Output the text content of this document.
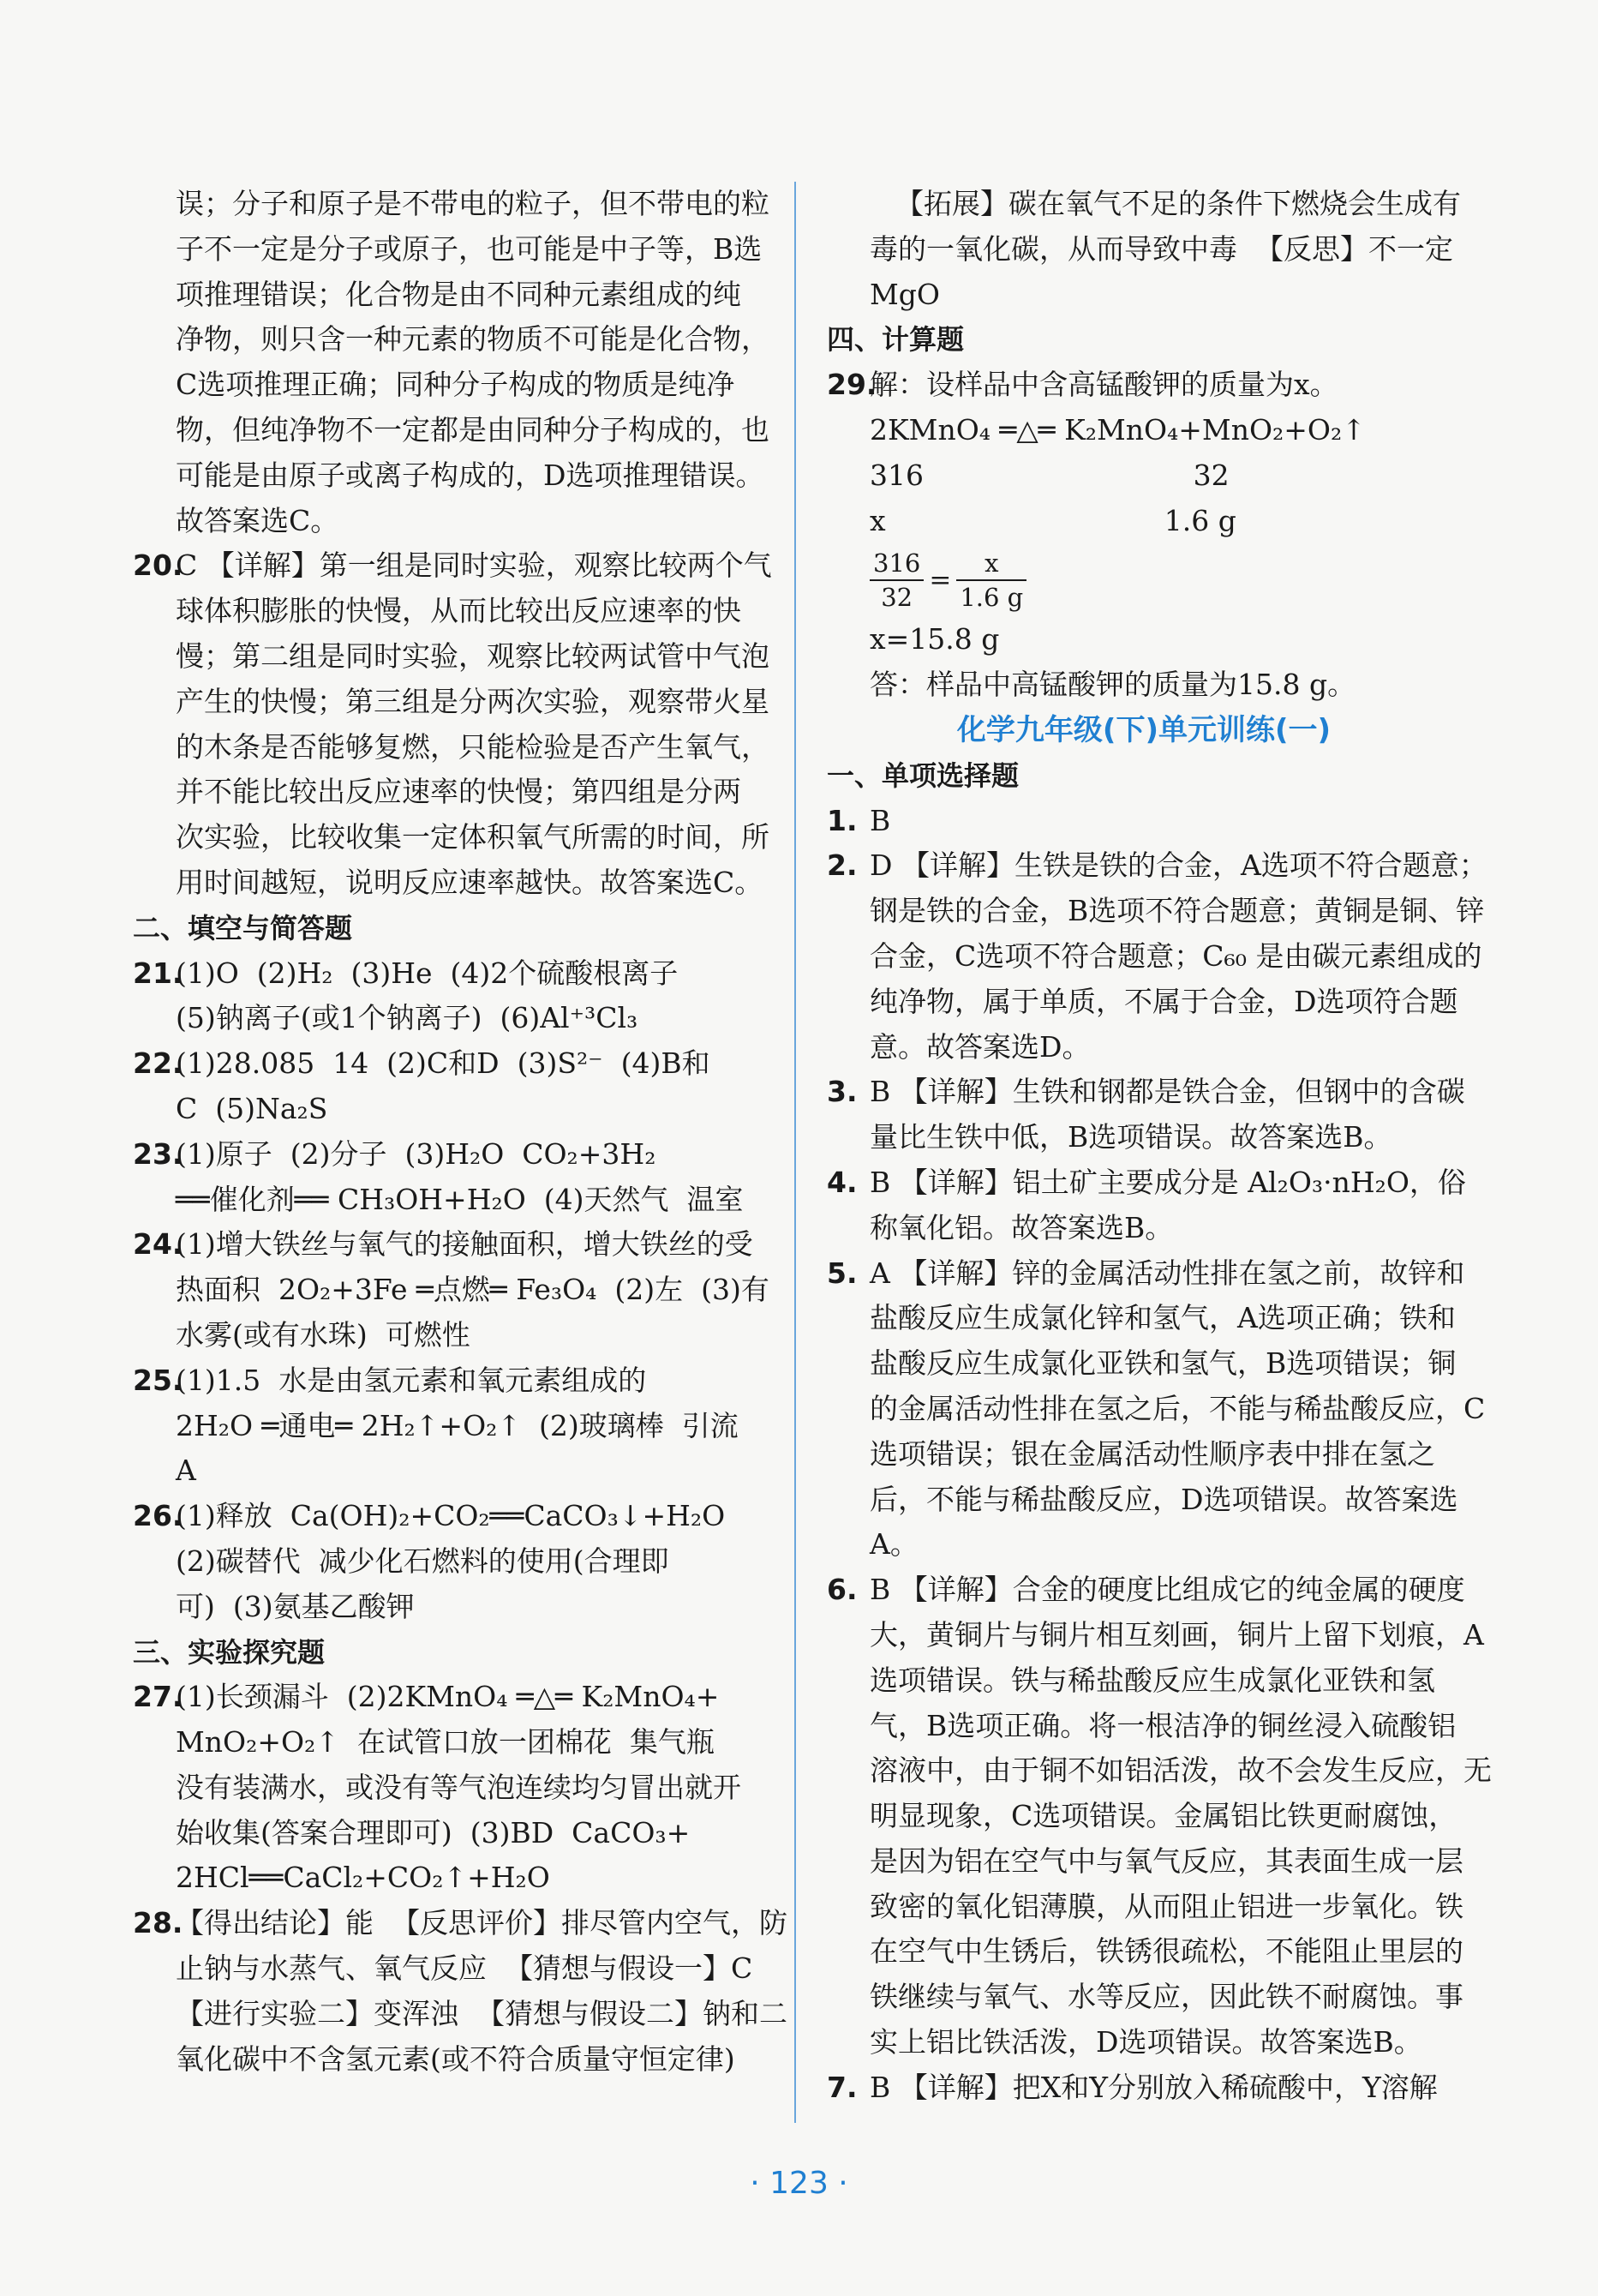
误；分子和原子是不带电的粒子，但不带电的粒
子不一定是分子或原子，也可能是中子等，B选
项推理错误；化合物是由不同种元素组成的纯
净物，则只含一种元素的物质不可能是化合物，
C选项推理正确；同种分子构成的物质是纯净
物，但纯净物不一定都是由同种分子构成的，也
可能是由原子或离子构成的，D选项推理错误。
故答案选C。
20.C 【详解】第一组是同时实验，观察比较两个气
球体积膨胀的快慢，从而比较出反应速率的快
慢；第二组是同时实验，观察比较两试管中气泡
产生的快慢；第三组是分两次实验，观察带火星
的木条是否能够复燃，只能检验是否产生氧气，
并不能比较出反应速率的快慢；第四组是分两
次实验，比较收集一定体积氧气所需的时间，所
用时间越短，说明反应速率越快。故答案选C。
二、填空与简答题
21.(1)O  (2)H₂  (3)He  (4)2个硫酸根离子
(5)钠离子(或1个钠离子)  (6)Al⁺³Cl₃
22.(1)28.085  14  (2)C和D  (3)S²⁻  (4)B和
C  (5)Na₂S
23.(1)原子  (2)分子  (3)H₂O  CO₂+3H₂
══催化剂══ CH₃OH+H₂O  (4)天然气  温室
24.(1)增大铁丝与氧气的接触面积，增大铁丝的受
热面积  2O₂+3Fe ═点燃═ Fe₃O₄  (2)左  (3)有
水雾(或有水珠)  可燃性
25.(1)1.5  水是由氢元素和氧元素组成的
2H₂O ═通电═ 2H₂↑+O₂↑  (2)玻璃棒  引流
A
26.(1)释放  Ca(OH)₂+CO₂══CaCO₃↓+H₂O
(2)碳替代  减少化石燃料的使用(合理即
可)  (3)氨基乙酸钾
三、实验探究题
27.(1)长颈漏斗  (2)2KMnO₄ ═△═ K₂MnO₄+
MnO₂+O₂↑  在试管口放一团棉花  集气瓶
没有装满水，或没有等气泡连续均匀冒出就开
始收集(答案合理即可)  (3)BD  CaCO₃+
2HCl══CaCl₂+CO₂↑+H₂O
28.【得出结论】能  【反思评价】排尽管内空气，防
止钠与水蒸气、氧气反应  【猜想与假设一】C
【进行实验二】变浑浊  【猜想与假设二】钠和二
氧化碳中不含氢元素(或不符合质量守恒定律)
【拓展】碳在氧气不足的条件下燃烧会生成有
毒的一氧化碳，从而导致中毒  【反思】不一定
MgO
四、计算题
29.解：设样品中含高锰酸钾的质量为x。
2KMnO₄ ═△═ K₂MnO₄+MnO₂+O₂↑
316                              32
x                               1.6 g
$\frac{316}{32} = \frac{x}{1.6 g}$
x=15.8 g
答：样品中高锰酸钾的质量为15.8 g。
化学九年级(下)单元训练(一)
一、单项选择题
1. B
2. D 【详解】生铁是铁的合金，A选项不符合题意；
钢是铁的合金，B选项不符合题意；黄铜是铜、锌
合金，C选项不符合题意；C₆₀ 是由碳元素组成的
纯净物，属于单质，不属于合金，D选项符合题
意。故答案选D。
3. B 【详解】生铁和钢都是铁合金，但钢中的含碳
量比生铁中低，B选项错误。故答案选B。
4. B 【详解】铝土矿主要成分是 Al₂O₃·nH₂O，俗
称氧化铝。故答案选B。
5. A 【详解】锌的金属活动性排在氢之前，故锌和
盐酸反应生成氯化锌和氢气，A选项正确；铁和
盐酸反应生成氯化亚铁和氢气，B选项错误；铜
的金属活动性排在氢之后，不能与稀盐酸反应，C
选项错误；银在金属活动性顺序表中排在氢之
后，不能与稀盐酸反应，D选项错误。故答案选
A。
6. B 【详解】合金的硬度比组成它的纯金属的硬度
大，黄铜片与铜片相互刻画，铜片上留下划痕，A
选项错误。铁与稀盐酸反应生成氯化亚铁和氢
气，B选项正确。将一根洁净的铜丝浸入硫酸铝
溶液中，由于铜不如铝活泼，故不会发生反应，无
明显现象，C选项错误。金属铝比铁更耐腐蚀，
是因为铝在空气中与氧气反应，其表面生成一层
致密的氧化铝薄膜，从而阻止铝进一步氧化。铁
在空气中生锈后，铁锈很疏松，不能阻止里层的
铁继续与氧气、水等反应，因此铁不耐腐蚀。事
实上铝比铁活泼，D选项错误。故答案选B。
7. B 【详解】把X和Y分别放入稀硫酸中，Y溶解
· 123 ·
